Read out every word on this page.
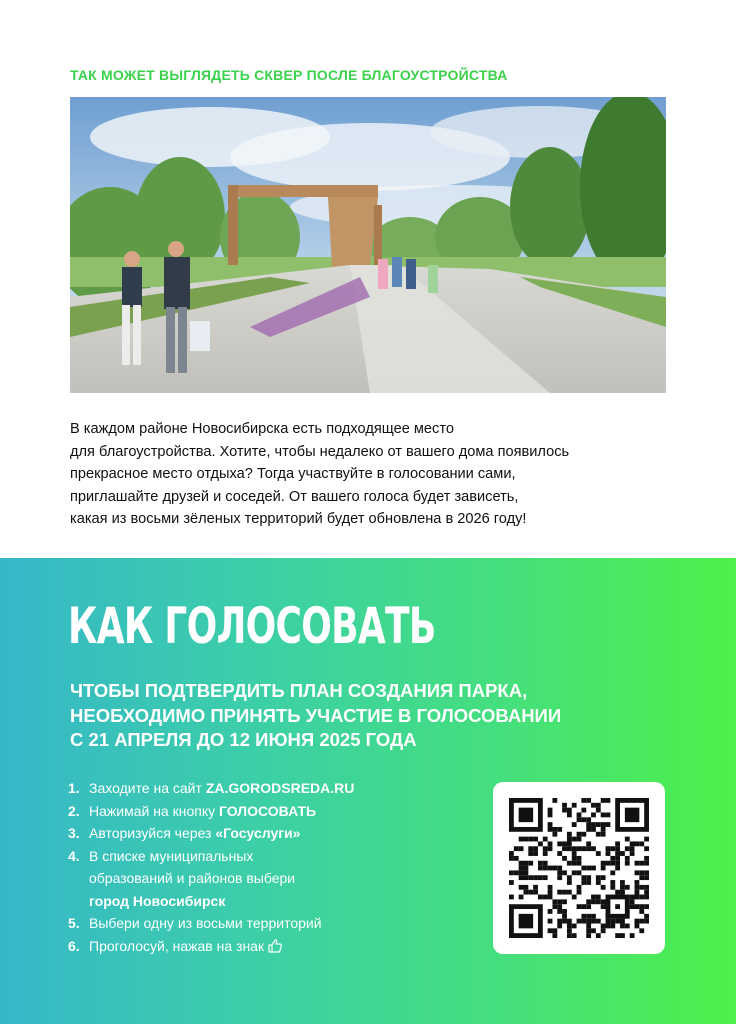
ТАК МОЖЕТ ВЫГЛЯДЕТЬ СКВЕР ПОСЛЕ БЛАГОУСТРОЙСТВА
В каждом районе Новосибирска есть подходящее место
для благоустройства. Хотите, чтобы недалеко от вашего дома появилось
прекрасное место отдыха? Тогда участвуйте в голосовании сами,
приглашайте друзей и соседей. От вашего голоса будет зависеть,
какая из восьми зёленых территорий будет обновлена в 2026 году!
КАК ГОЛОСОВАТЬ
ЧТОБЫ ПОДТВЕРДИТЬ ПЛАН СОЗДАНИЯ ПАРКА,
НЕОБХОДИМО ПРИНЯТЬ УЧАСТИЕ В ГОЛОСОВАНИИ
С 21 АПРЕЛЯ ДО 12 ИЮНЯ 2025 ГОДА
1. Заходите на сайт ZA.GORODSREDA.RU
2. Нажимай на кнопку ГОЛОСОВАТЬ
3. Авторизуйся через «Госуслуги»
4. В списке муниципальных
образований и районов выбери
город Новосибирск
5. Выбери одну из восьми территорий
6. Проголосуй, нажав на знак
